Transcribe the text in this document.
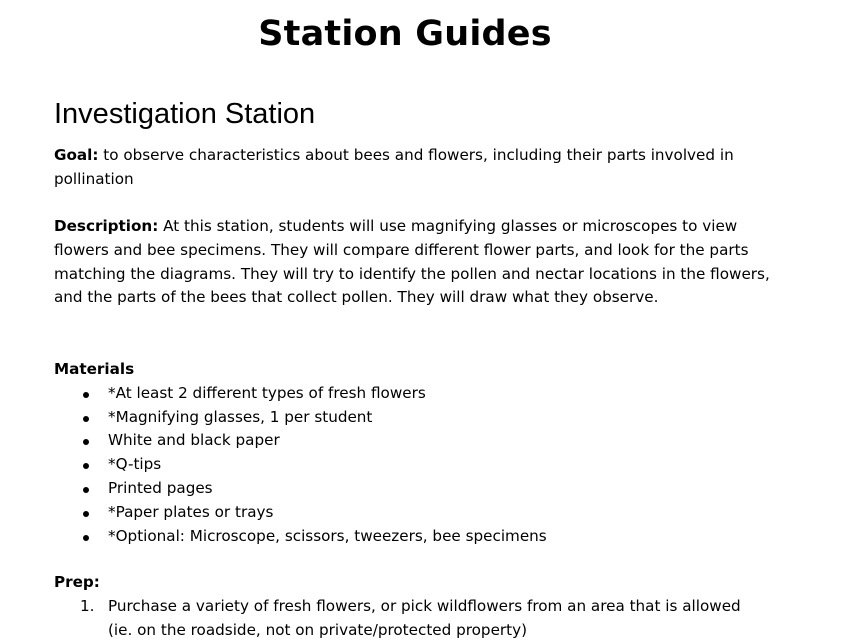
Station Guides
Investigation Station

Goal: to observe characteristics about bees and flowers, including their parts involved in pollination

Description: At this station, students will use magnifying glasses or microscopes to view flowers and bee specimens. They will compare different flower parts, and look for the parts matching the diagrams. They will try to identify the pollen and nectar locations in the flowers, and the parts of the bees that collect pollen. They will draw what they observe.

Materials
*At least 2 different types of fresh flowers
*Magnifying glasses, 1 per student
White and black paper
*Q-tips
Printed pages
*Paper plates or trays
*Optional: Microscope, scissors, tweezers, bee specimens
Prep:
1. Purchase a variety of fresh flowers, or pick wildflowers from an area that is allowed (ie. on the roadside, not on private/protected property)
